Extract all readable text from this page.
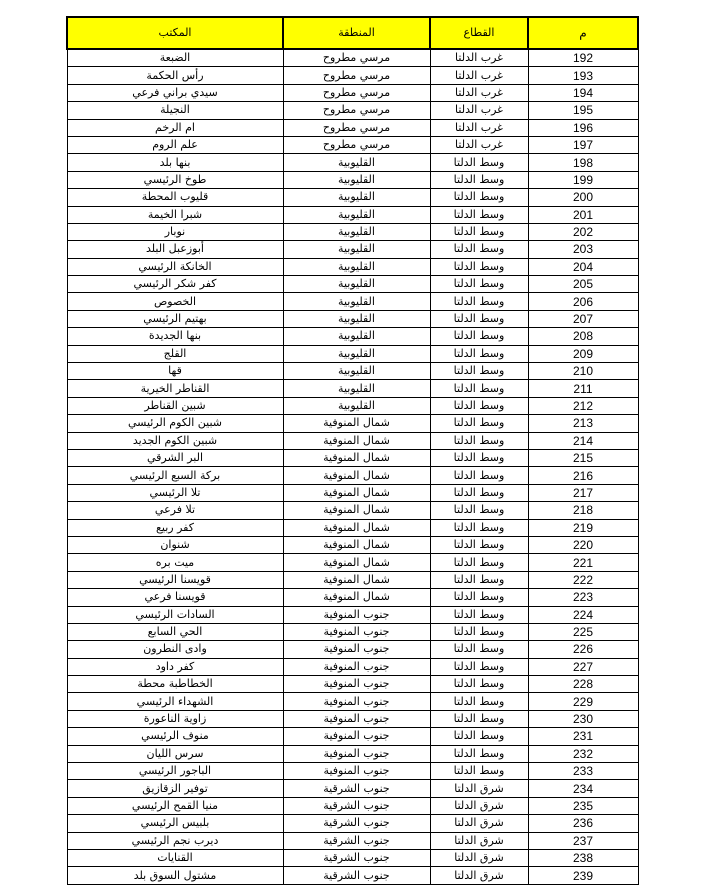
م	القطاع	المنطقة	المكتب
192	غرب الدلتا	مرسي مطروح	الضبعة
193	غرب الدلتا	مرسي مطروح	رأس الحكمة
194	غرب الدلتا	مرسي مطروح	سيدي براني فرعي
195	غرب الدلتا	مرسي مطروح	النجيلة
196	غرب الدلتا	مرسي مطروح	ام الرخم
197	غرب الدلتا	مرسي مطروح	علم الروم
198	وسط الدلتا	القليوبية	بنها بلد
199	وسط الدلتا	القليوبية	طوخ الرئيسي
200	وسط الدلتا	القليوبية	قليوب المحطة
201	وسط الدلتا	القليوبية	شبرا الخيمة
202	وسط الدلتا	القليوبية	نوبار
203	وسط الدلتا	القليوبية	أبوزعبل البلد
204	وسط الدلتا	القليوبية	الخانكة الرئيسي
205	وسط الدلتا	القليوبية	كفر شكر الرئيسي
206	وسط الدلتا	القليوبية	الخصوص
207	وسط الدلتا	القليوبية	بهتيم الرئيسي
208	وسط الدلتا	القليوبية	بنها الجديدة
209	وسط الدلتا	القليوبية	القلج
210	وسط الدلتا	القليوبية	قها
211	وسط الدلتا	القليوبية	القناطر الخيرية
212	وسط الدلتا	القليوبية	شبين القناطر
213	وسط الدلتا	شمال المنوفية	شبين الكوم الرئيسي
214	وسط الدلتا	شمال المنوفية	شبين الكوم الجديد
215	وسط الدلتا	شمال المنوفية	البر الشرقي
216	وسط الدلتا	شمال المنوفية	بركة السبع الرئيسي
217	وسط الدلتا	شمال المنوفية	تلا الرئيسي
218	وسط الدلتا	شمال المنوفية	تلا فرعي
219	وسط الدلتا	شمال المنوفية	كفر ربيع
220	وسط الدلتا	شمال المنوفية	شنوان
221	وسط الدلتا	شمال المنوفية	ميت بره
222	وسط الدلتا	شمال المنوفية	قويسنا الرئيسي
223	وسط الدلتا	شمال المنوفية	قويسنا فرعي
224	وسط الدلتا	جنوب المنوفية	السادات الرئيسي
225	وسط الدلتا	جنوب المنوفية	الحي السابع
226	وسط الدلتا	جنوب المنوفية	وادى النطرون
227	وسط الدلتا	جنوب المنوفية	كفر داود
228	وسط الدلتا	جنوب المنوفية	الخطاطبة محطة
229	وسط الدلتا	جنوب المنوفية	الشهداء الرئيسي
230	وسط الدلتا	جنوب المنوفية	زاوية الناعورة
231	وسط الدلتا	جنوب المنوفية	منوف الرئيسي
232	وسط الدلتا	جنوب المنوفية	سرس الليان
233	وسط الدلتا	جنوب المنوفية	الباجور الرئيسي
234	شرق الدلتا	جنوب الشرقية	توفير الزقازيق
235	شرق الدلتا	جنوب الشرقية	منيا القمح الرئيسي
236	شرق الدلتا	جنوب الشرقية	بلبيس الرئيسي
237	شرق الدلتا	جنوب الشرقية	ديرب نجم الرئيسي
238	شرق الدلتا	جنوب الشرقية	القنايات
239	شرق الدلتا	جنوب الشرقية	مشتول السوق بلد
